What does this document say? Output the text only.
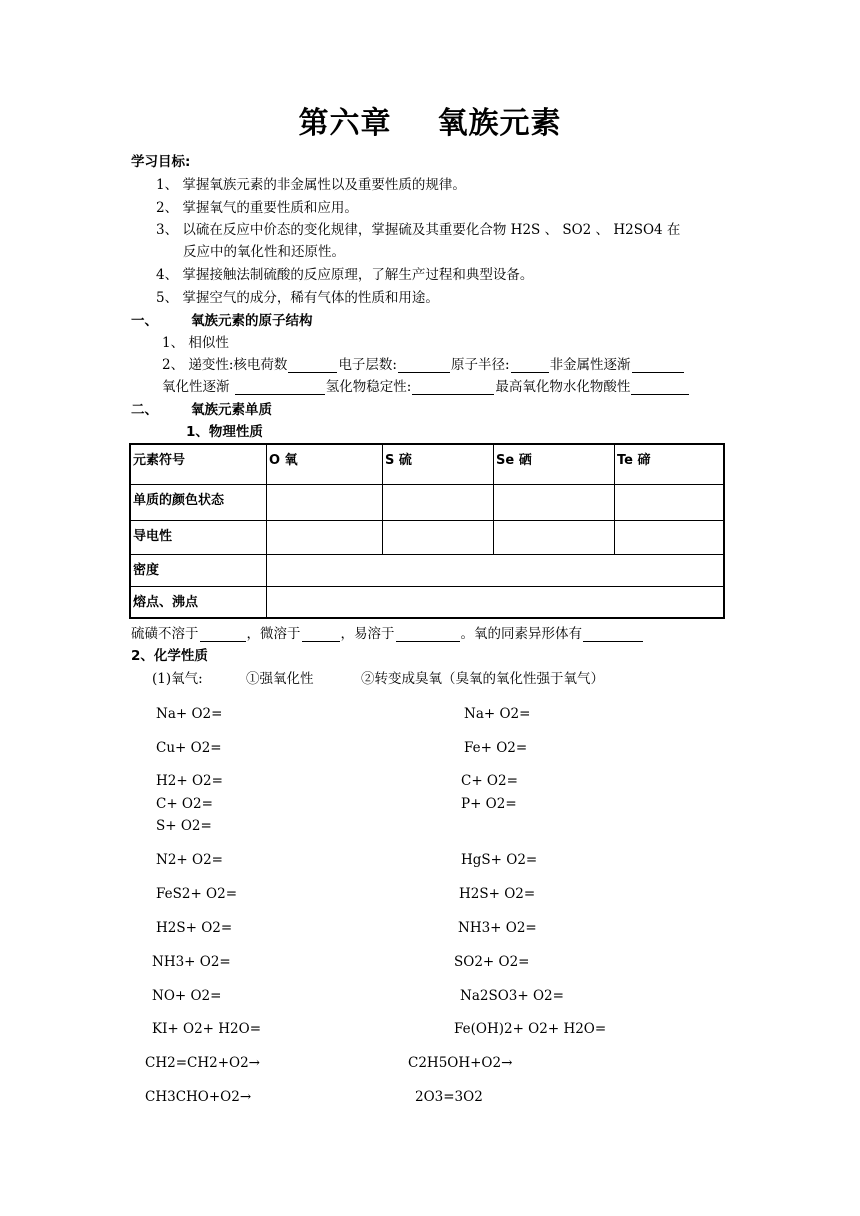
第六章 氧族元素
学习目标:
1、 掌握氧族元素的非金属性以及重要性质的规律。
2、 掌握氧气的重要性质和应用。
3、 以硫在反应中价态的变化规律，掌握硫及其重要化合物 H2S 、 SO2 、 H2SO4 在
反应中的氧化性和还原性。
4、 掌握接触法制硫酸的反应原理，了解生产过程和典型设备。
5、 掌握空气的成分，稀有气体的性质和用途。
一、 氧族元素的原子结构
1、 相似性
2、 递变性:核电荷数	电子层数:	原子半径:	非金属性逐渐
氧化性逐渐	氢化物稳定性:	最高氧化物水化物酸性
二、 氧族元素单质
1、物理性质
元素符号	O 氧	S 硫	Se 硒	Te 碲
单质的颜色状态				
导电性				
密度				
熔点、沸点				
硫磺不溶于	，微溶于	，易溶于	。氧的同素异形体有
2、化学性质
(1)氧气:	①强氧化性	②转变成臭氧（臭氧的氧化性强于氧气）
Na+ O2=
Cu+ O2=
H2+ O2=
C+ O2=
S+ O2=
N2+ O2=
FeS2+ O2=
H2S+ O2=
NH3+ O2=
NO+ O2=
KI+ O2+ H2O=
CH2=CH2+O2→
CH3CHO+O2→
Na+ O2=
Fe+ O2=
C+ O2=
P+ O2=
HgS+ O2=
H2S+ O2=
NH3+ O2=
SO2+ O2=
Na2SO3+ O2=
Fe(OH)2+ O2+ H2O=
C2H5OH+O2→
2O3=3O2
